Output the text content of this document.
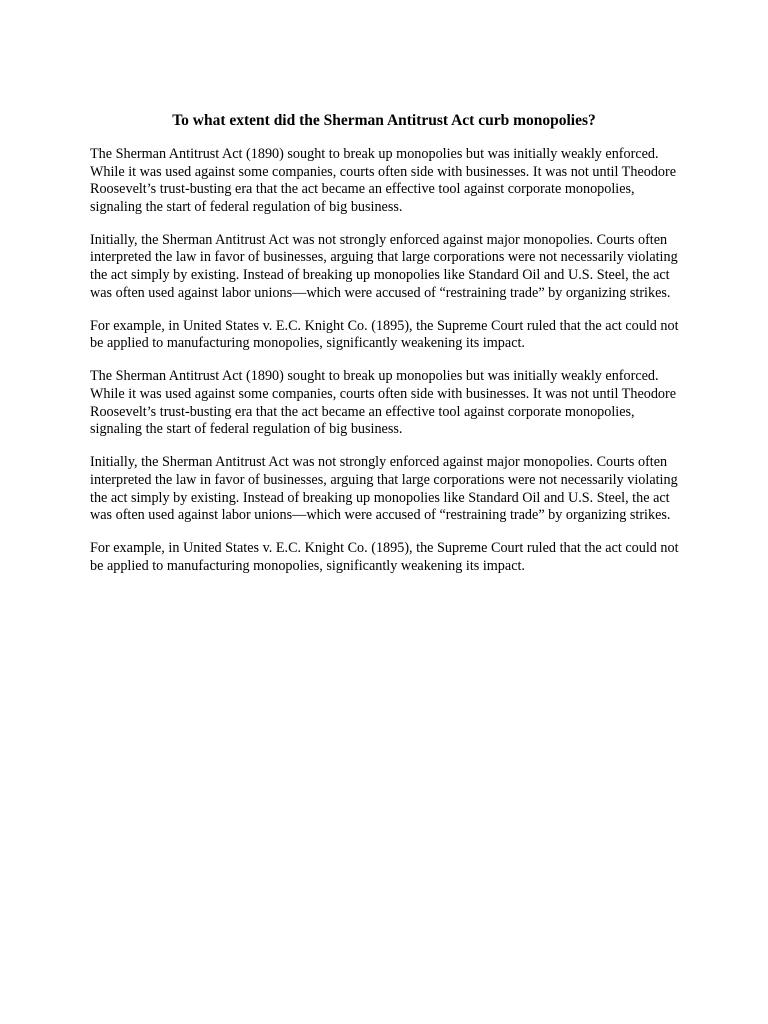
To what extent did the Sherman Antitrust Act curb monopolies?

The Sherman Antitrust Act (1890) sought to break up monopolies but was initially weakly enforced. While it was used against some companies, courts often side with businesses. It was not until Theodore Roosevelt’s trust-busting era that the act became an effective tool against corporate monopolies, signaling the start of federal regulation of big business.

Initially, the Sherman Antitrust Act was not strongly enforced against major monopolies. Courts often interpreted the law in favor of businesses, arguing that large corporations were not necessarily violating the act simply by existing. Instead of breaking up monopolies like Standard Oil and U.S. Steel, the act was often used against labor unions—which were accused of “restraining trade” by organizing strikes.

For example, in United States v. E.C. Knight Co. (1895), the Supreme Court ruled that the act could not be applied to manufacturing monopolies, significantly weakening its impact.

The Sherman Antitrust Act (1890) sought to break up monopolies but was initially weakly enforced. While it was used against some companies, courts often side with businesses. It was not until Theodore Roosevelt’s trust-busting era that the act became an effective tool against corporate monopolies, signaling the start of federal regulation of big business.

Initially, the Sherman Antitrust Act was not strongly enforced against major monopolies. Courts often interpreted the law in favor of businesses, arguing that large corporations were not necessarily violating the act simply by existing. Instead of breaking up monopolies like Standard Oil and U.S. Steel, the act was often used against labor unions—which were accused of “restraining trade” by organizing strikes.

For example, in United States v. E.C. Knight Co. (1895), the Supreme Court ruled that the act could not be applied to manufacturing monopolies, significantly weakening its impact.
